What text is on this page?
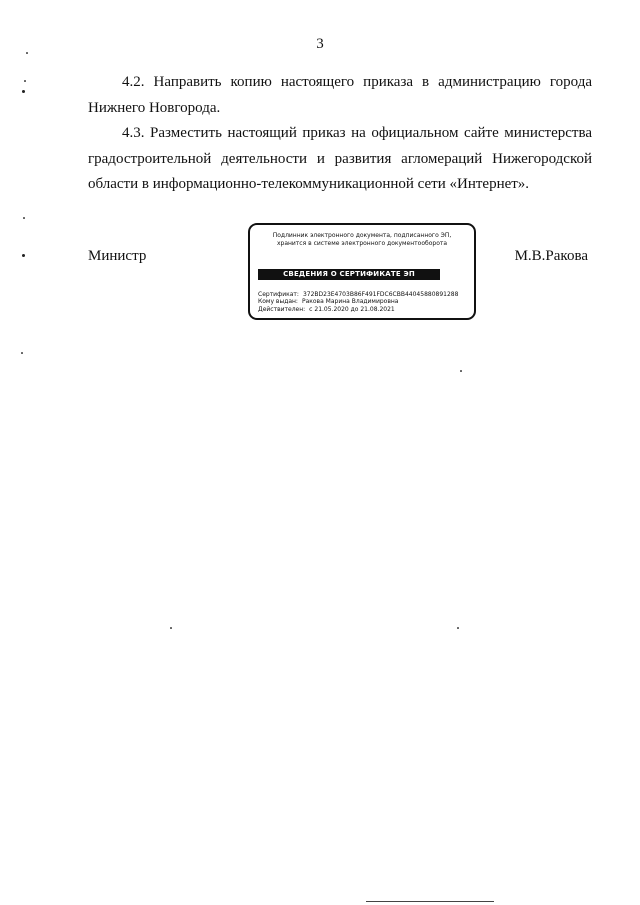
3

4.2. Направить копию настоящего приказа в администрацию города Нижнего Новгорода.

4.3. Разместить настоящий приказ на официальном сайте министерства градостроительной деятельности и развития агломераций Нижегородской области в информационно-телекоммуникационной сети «Интернет».

Министр	М.В.Ракова
Подлинник электронного документа, подписанного ЭП,
хранится в системе электронного документооборота
СВЕДЕНИЯ О СЕРТИФИКАТЕ ЭП
Сертификат: 372BD23E4703B86F491FDC6CBB44045880891288
Кому выдан: Ракова Марина Владимировна
Действителен: с 21.05.2020 до 21.08.2021
